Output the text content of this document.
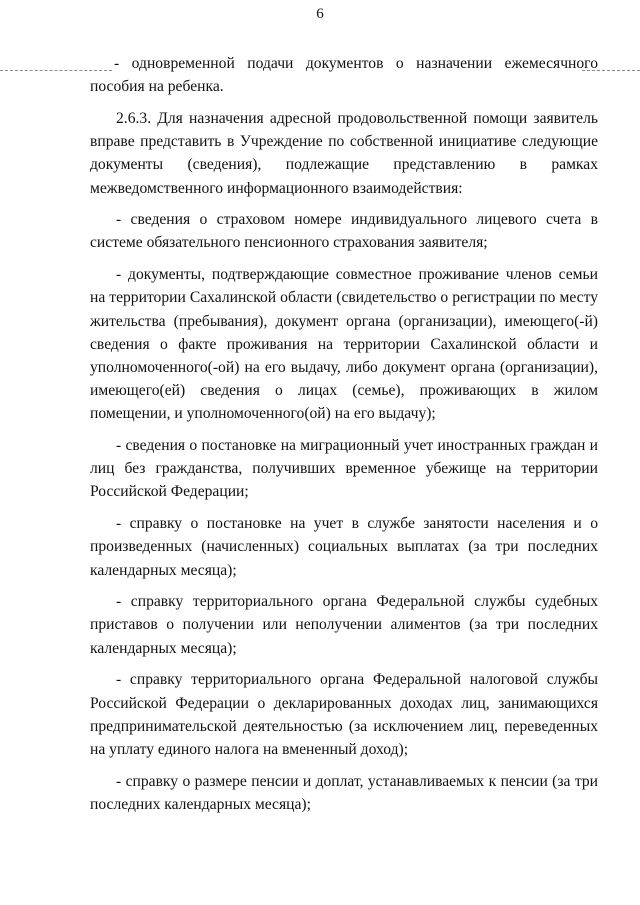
6

- одновременной подачи документов о назначении ежемесячного пособия на ребенка.

2.6.3. Для назначения адресной продовольственной помощи заявитель вправе представить в Учреждение по собственной инициативе следующие документы (сведения), подлежащие представлению в рамках межведомственного информационного взаимодействия:

- сведения о страховом номере индивидуального лицевого счета в системе обязательного пенсионного страхования заявителя;

- документы, подтверждающие совместное проживание членов семьи на территории Сахалинской области (свидетельство о регистрации по месту жительства (пребывания), документ органа (организации), имеющего(-й) сведения о факте проживания на территории Сахалинской области и уполномоченного(-ой) на его выдачу, либо документ органа (организации), имеющего(ей) сведения о лицах (семье), проживающих в жилом помещении, и уполномоченного(ой) на его выдачу);

- сведения о постановке на миграционный учет иностранных граждан и лиц без гражданства, получивших временное убежище на территории Российской Федерации;

- справку о постановке на учет в службе занятости населения и о произведенных (начисленных) социальных выплатах (за три последних календарных месяца);

- справку территориального органа Федеральной службы судебных приставов о получении или неполучении алиментов (за три последних календарных месяца);

- справку территориального органа Федеральной налоговой службы Российской Федерации о декларированных доходах лиц, занимающихся предпринимательской деятельностью (за исключением лиц, переведенных на уплату единого налога на вмененный доход);

- справку о размере пенсии и доплат, устанавливаемых к пенсии (за три последних календарных месяца);
